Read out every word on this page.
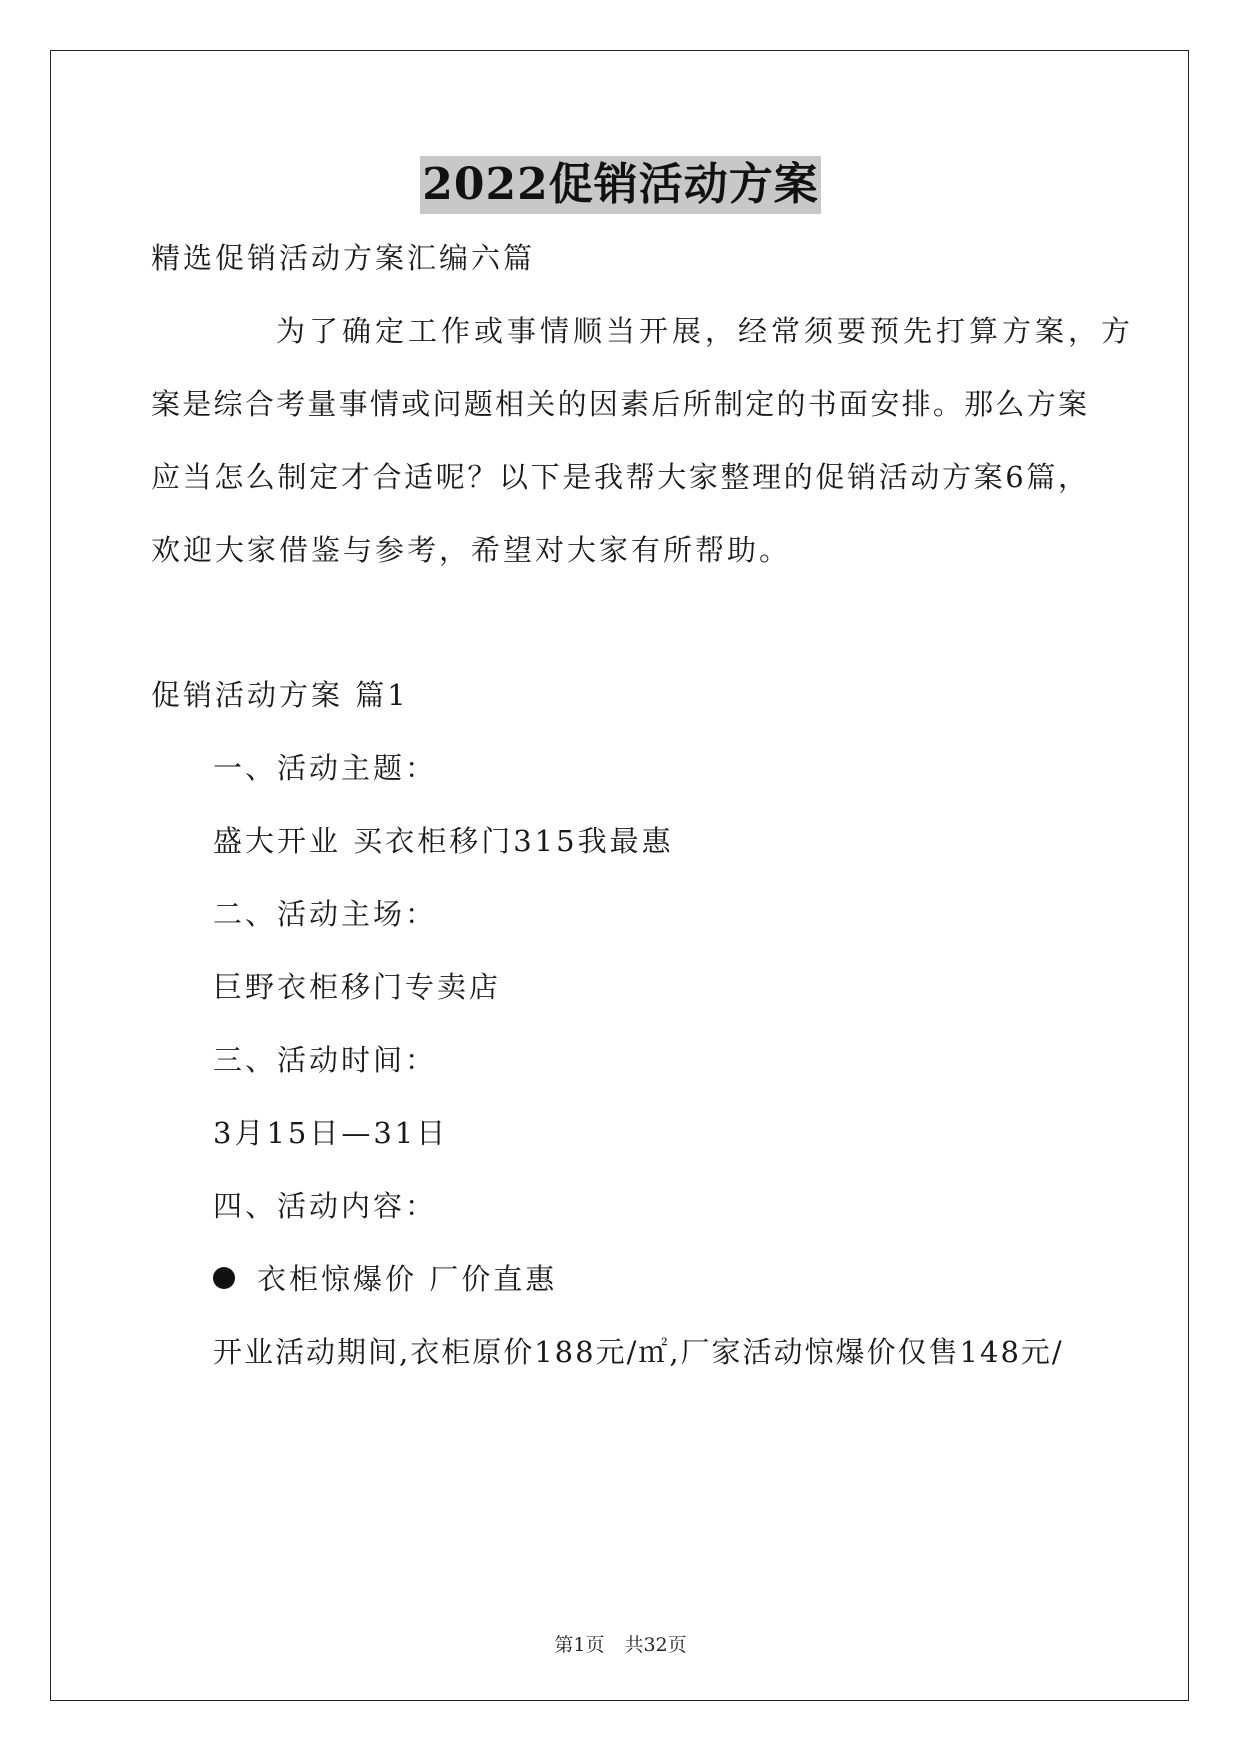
2022促销活动方案
精选促销活动方案汇编六篇
为了确定工作或事情顺当开展，经常须要预先打算方案，方
案是综合考量事情或问题相关的因素后所制定的书面安排。那么方案
应当怎么制定才合适呢？以下是我帮大家整理的促销活动方案6篇，
欢迎大家借鉴与参考，希望对大家有所帮助。
促销活动方案 篇1
一、活动主题：
盛大开业 买衣柜移门315我最惠
二、活动主场：
巨野衣柜移门专卖店
三、活动时间：
3月15日—31日
四、活动内容：
衣柜惊爆价 厂价直惠
开业活动期间,衣柜原价188元/㎡,厂家活动惊爆价仅售148元/
第1页 共32页
